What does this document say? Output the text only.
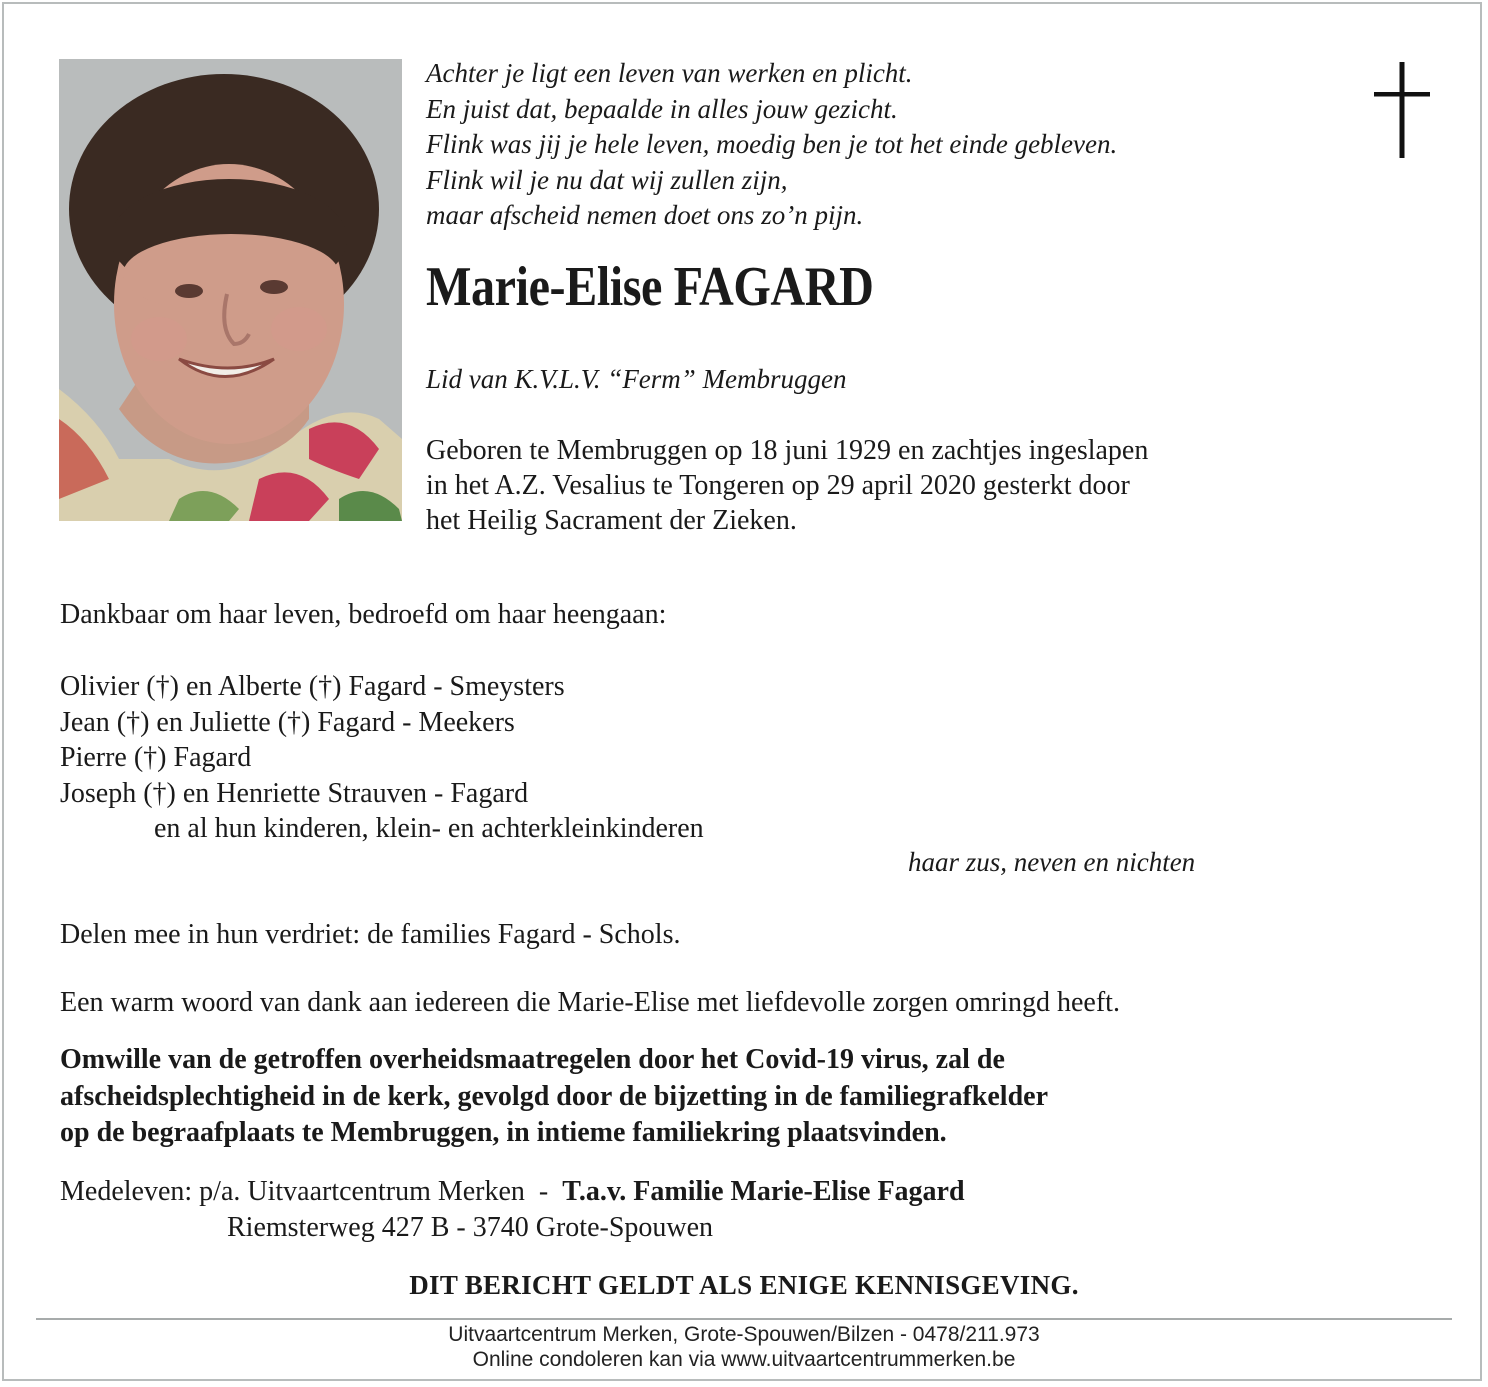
Achter je ligt een leven van werken en plicht.
En juist dat, bepaalde in alles jouw gezicht.
Flink was jij je hele leven, moedig ben je tot het einde gebleven.
Flink wil je nu dat wij zullen zijn,
maar afscheid nemen doet ons zo’n pijn.
Marie-Elise FAGARD
Lid van K.V.L.V. “Ferm” Membruggen
Geboren te Membruggen op 18 juni 1929 en zachtjes ingeslapen
in het A.Z. Vesalius te Tongeren op 29 april 2020 gesterkt door
het Heilig Sacrament der Zieken.
Dankbaar om haar leven, bedroefd om haar heengaan:
Olivier (†) en Alberte (†) Fagard - Smeysters
Jean (†) en Juliette (†) Fagard - Meekers
Pierre (†) Fagard
Joseph (†) en Henriette Strauven - Fagard
en al hun kinderen, klein- en achterkleinkinderen
haar zus, neven en nichten
Delen mee in hun verdriet: de families Fagard - Schols.
Een warm woord van dank aan iedereen die Marie-Elise met liefdevolle zorgen omringd heeft.
Omwille van de getroffen overheidsmaatregelen door het Covid-19 virus, zal de
afscheidsplechtigheid in de kerk, gevolgd door de bijzetting in de familiegrafkelder
op de begraafplaats te Membruggen, in intieme familiekring plaatsvinden.
Medeleven: p/a. Uitvaartcentrum Merken  -  T.a.v. Familie Marie-Elise Fagard
Riemsterweg 427 B - 3740 Grote-Spouwen
DIT BERICHT GELDT ALS ENIGE KENNISGEVING.
Uitvaartcentrum Merken, Grote-Spouwen/Bilzen - 0478/211.973
Online condoleren kan via www.uitvaartcentrummerken.be
